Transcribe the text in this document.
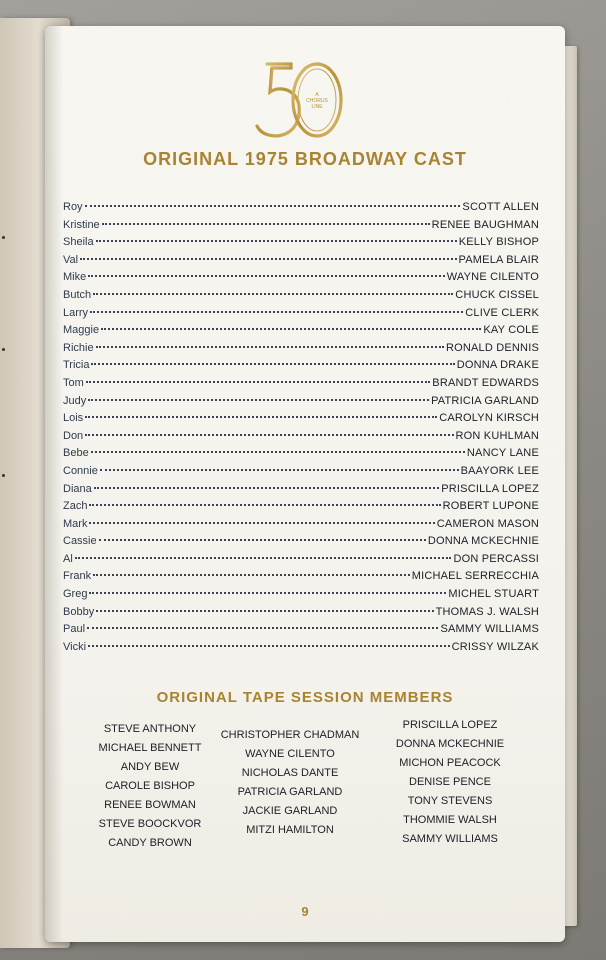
A
CHORUS
LINE
ORIGINAL 1975 BROADWAY CAST
Roy	SCOTT ALLEN
Kristine	RENEE BAUGHMAN
Sheila	KELLY BISHOP
Val	PAMELA BLAIR
Mike	WAYNE CILENTO
Butch	CHUCK CISSEL
Larry	CLIVE CLERK
Maggie	KAY COLE
Richie	RONALD DENNIS
Tricia	DONNA DRAKE
Tom	BRANDT EDWARDS
Judy	PATRICIA GARLAND
Lois	CAROLYN KIRSCH
Don	RON KUHLMAN
Bebe	NANCY LANE
Connie	BAAYORK LEE
Diana	PRISCILLA LOPEZ
Zach	ROBERT LUPONE
Mark	CAMERON MASON
Cassie	DONNA MCKECHNIE
Al	DON PERCASSI
Frank	MICHAEL SERRECCHIA
Greg	MICHEL STUART
Bobby	THOMAS J. WALSH
Paul	SAMMY WILLIAMS
Vicki	CRISSY WILZAK
ORIGINAL TAPE SESSION MEMBERS
STEVE ANTHONY
MICHAEL BENNETT
ANDY BEW
CAROLE BISHOP
RENEE BOWMAN
STEVE BOOCKVOR
CANDY BROWN
CHRISTOPHER CHADMAN
WAYNE CILENTO
NICHOLAS DANTE
PATRICIA GARLAND
JACKIE GARLAND
MITZI HAMILTON
PRISCILLA LOPEZ
DONNA MCKECHNIE
MICHON PEACOCK
DENISE PENCE
TONY STEVENS
THOMMIE WALSH
SAMMY WILLIAMS
9
